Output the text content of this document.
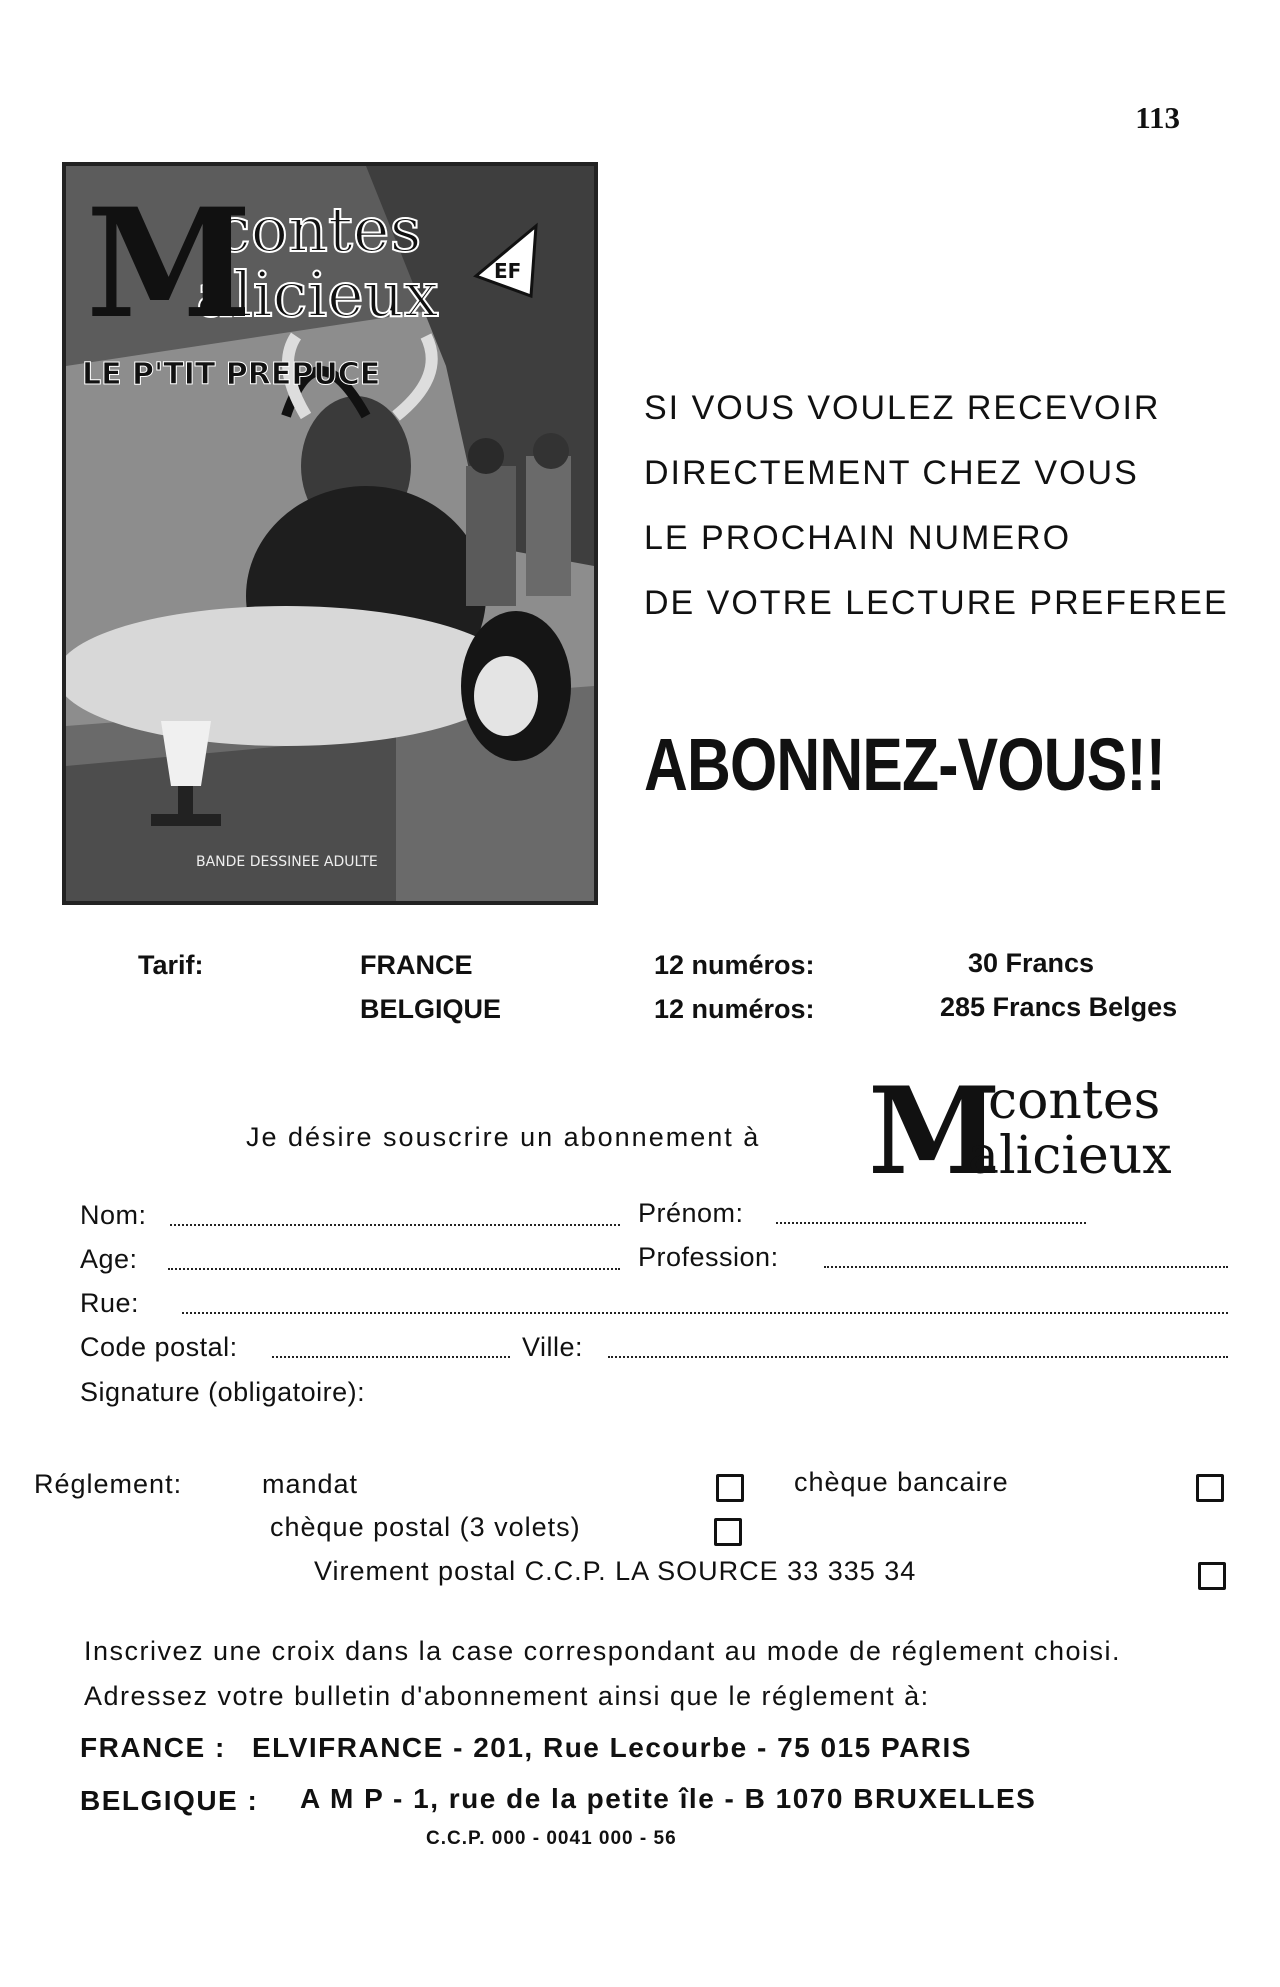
113
contes
alicieux
M	EF
LE P'TIT PREPUCE
BANDE DESSINEE ADULTE
SI VOUS VOULEZ RECEVOIR
DIRECTEMENT CHEZ VOUS
LE PROCHAIN NUMERO
DE VOTRE LECTURE PREFEREE
ABONNEZ-VOUS!!
Tarif:	FRANCE	12 numéros:	30 Francs
BELGIQUE	12 numéros:	285 Francs Belges
Je désire souscrire un abonnement à M
contes
alicieux
Nom:	Prénom:
Age:	Profession:
Rue:
Code postal:	Ville:
Signature (obligatoire):
Réglement:	mandat	chèque bancaire
chèque postal (3 volets)
Virement postal C.C.P. LA SOURCE 33 335 34
Inscrivez une croix dans la case correspondant au mode de réglement choisi.
Adressez votre bulletin d'abonnement ainsi que le réglement à:
FRANCE : ELVIFRANCE - 201, Rue Lecourbe - 75 015 PARIS
BELGIQUE : A M P - 1, rue de la petite île - B 1070 BRUXELLES
C.C.P. 000 - 0041 000 - 56
